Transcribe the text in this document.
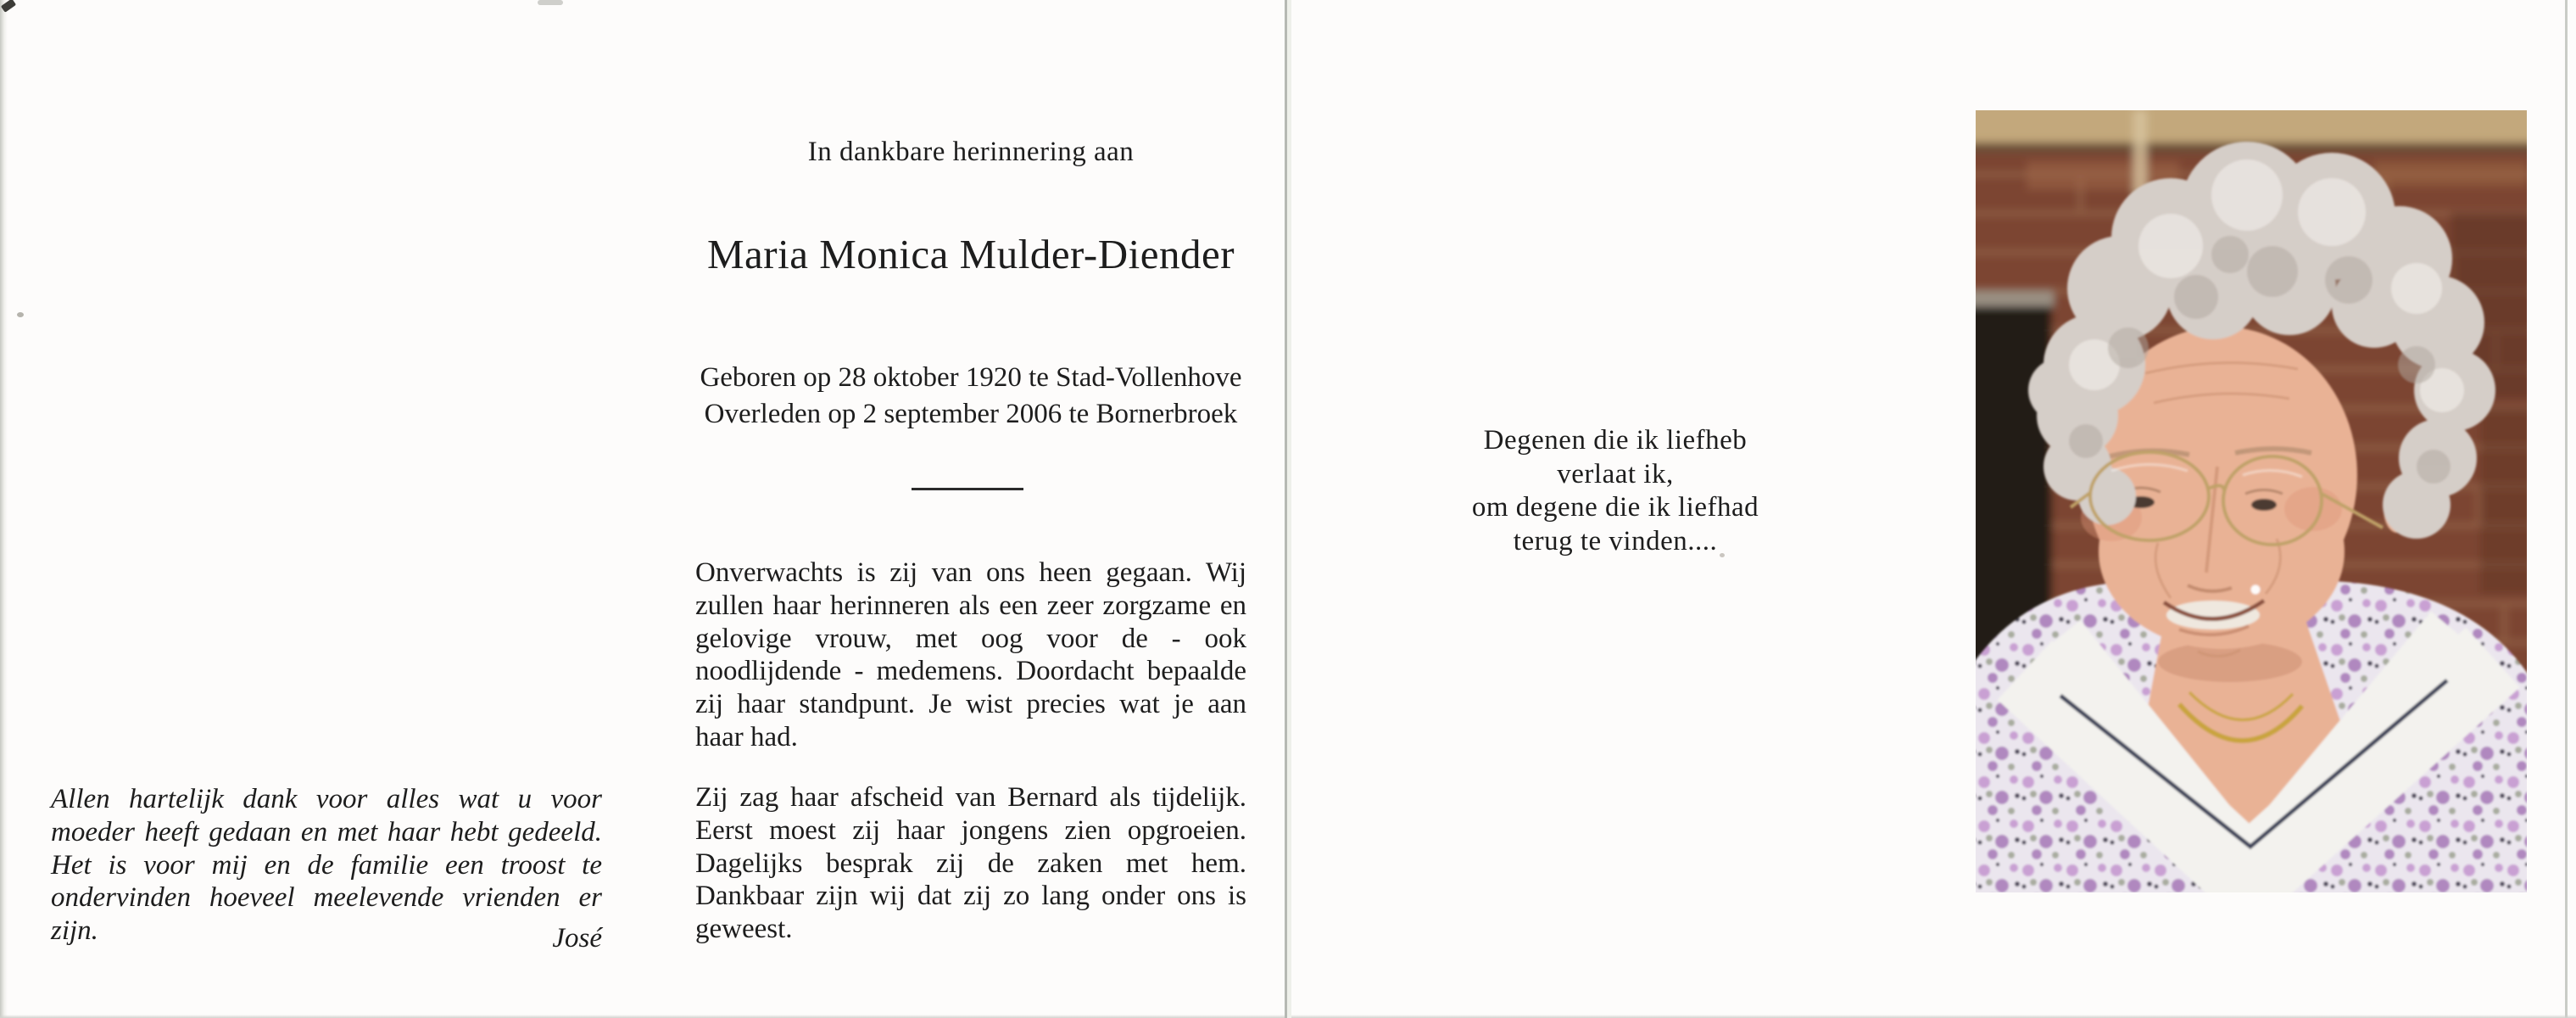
In dankbare herinnering aan
Maria Monica Mulder-Diender
Geboren op 28 oktober 1920 te Stad-Vollenhove
Overleden op 2 september 2006 te Bornerbroek
Onverwachts is zij van ons heen gegaan. Wij zullen haar herinneren als een zeer zorgzame en gelovige vrouw, met oog voor de - ook noodlijdende - medemens. Doordacht bepaalde zij haar standpunt. Je wist precies wat je aan haar had.
Zij zag haar afscheid van Bernard als tijdelijk. Eerst moest zij haar jongens zien opgroeien. Dagelijks besprak zij de zaken met hem. Dankbaar zijn wij dat zij zo lang onder ons is geweest.
Allen hartelijk dank voor alles wat u voor moeder heeft gedaan en met haar hebt gedeeld. Het is voor mij en de familie een troost te ondervinden hoeveel meelevende vrienden er zijn.	José
Degenen die ik liefheb
verlaat ik,
om degene die ik liefhad
terug te vinden....
